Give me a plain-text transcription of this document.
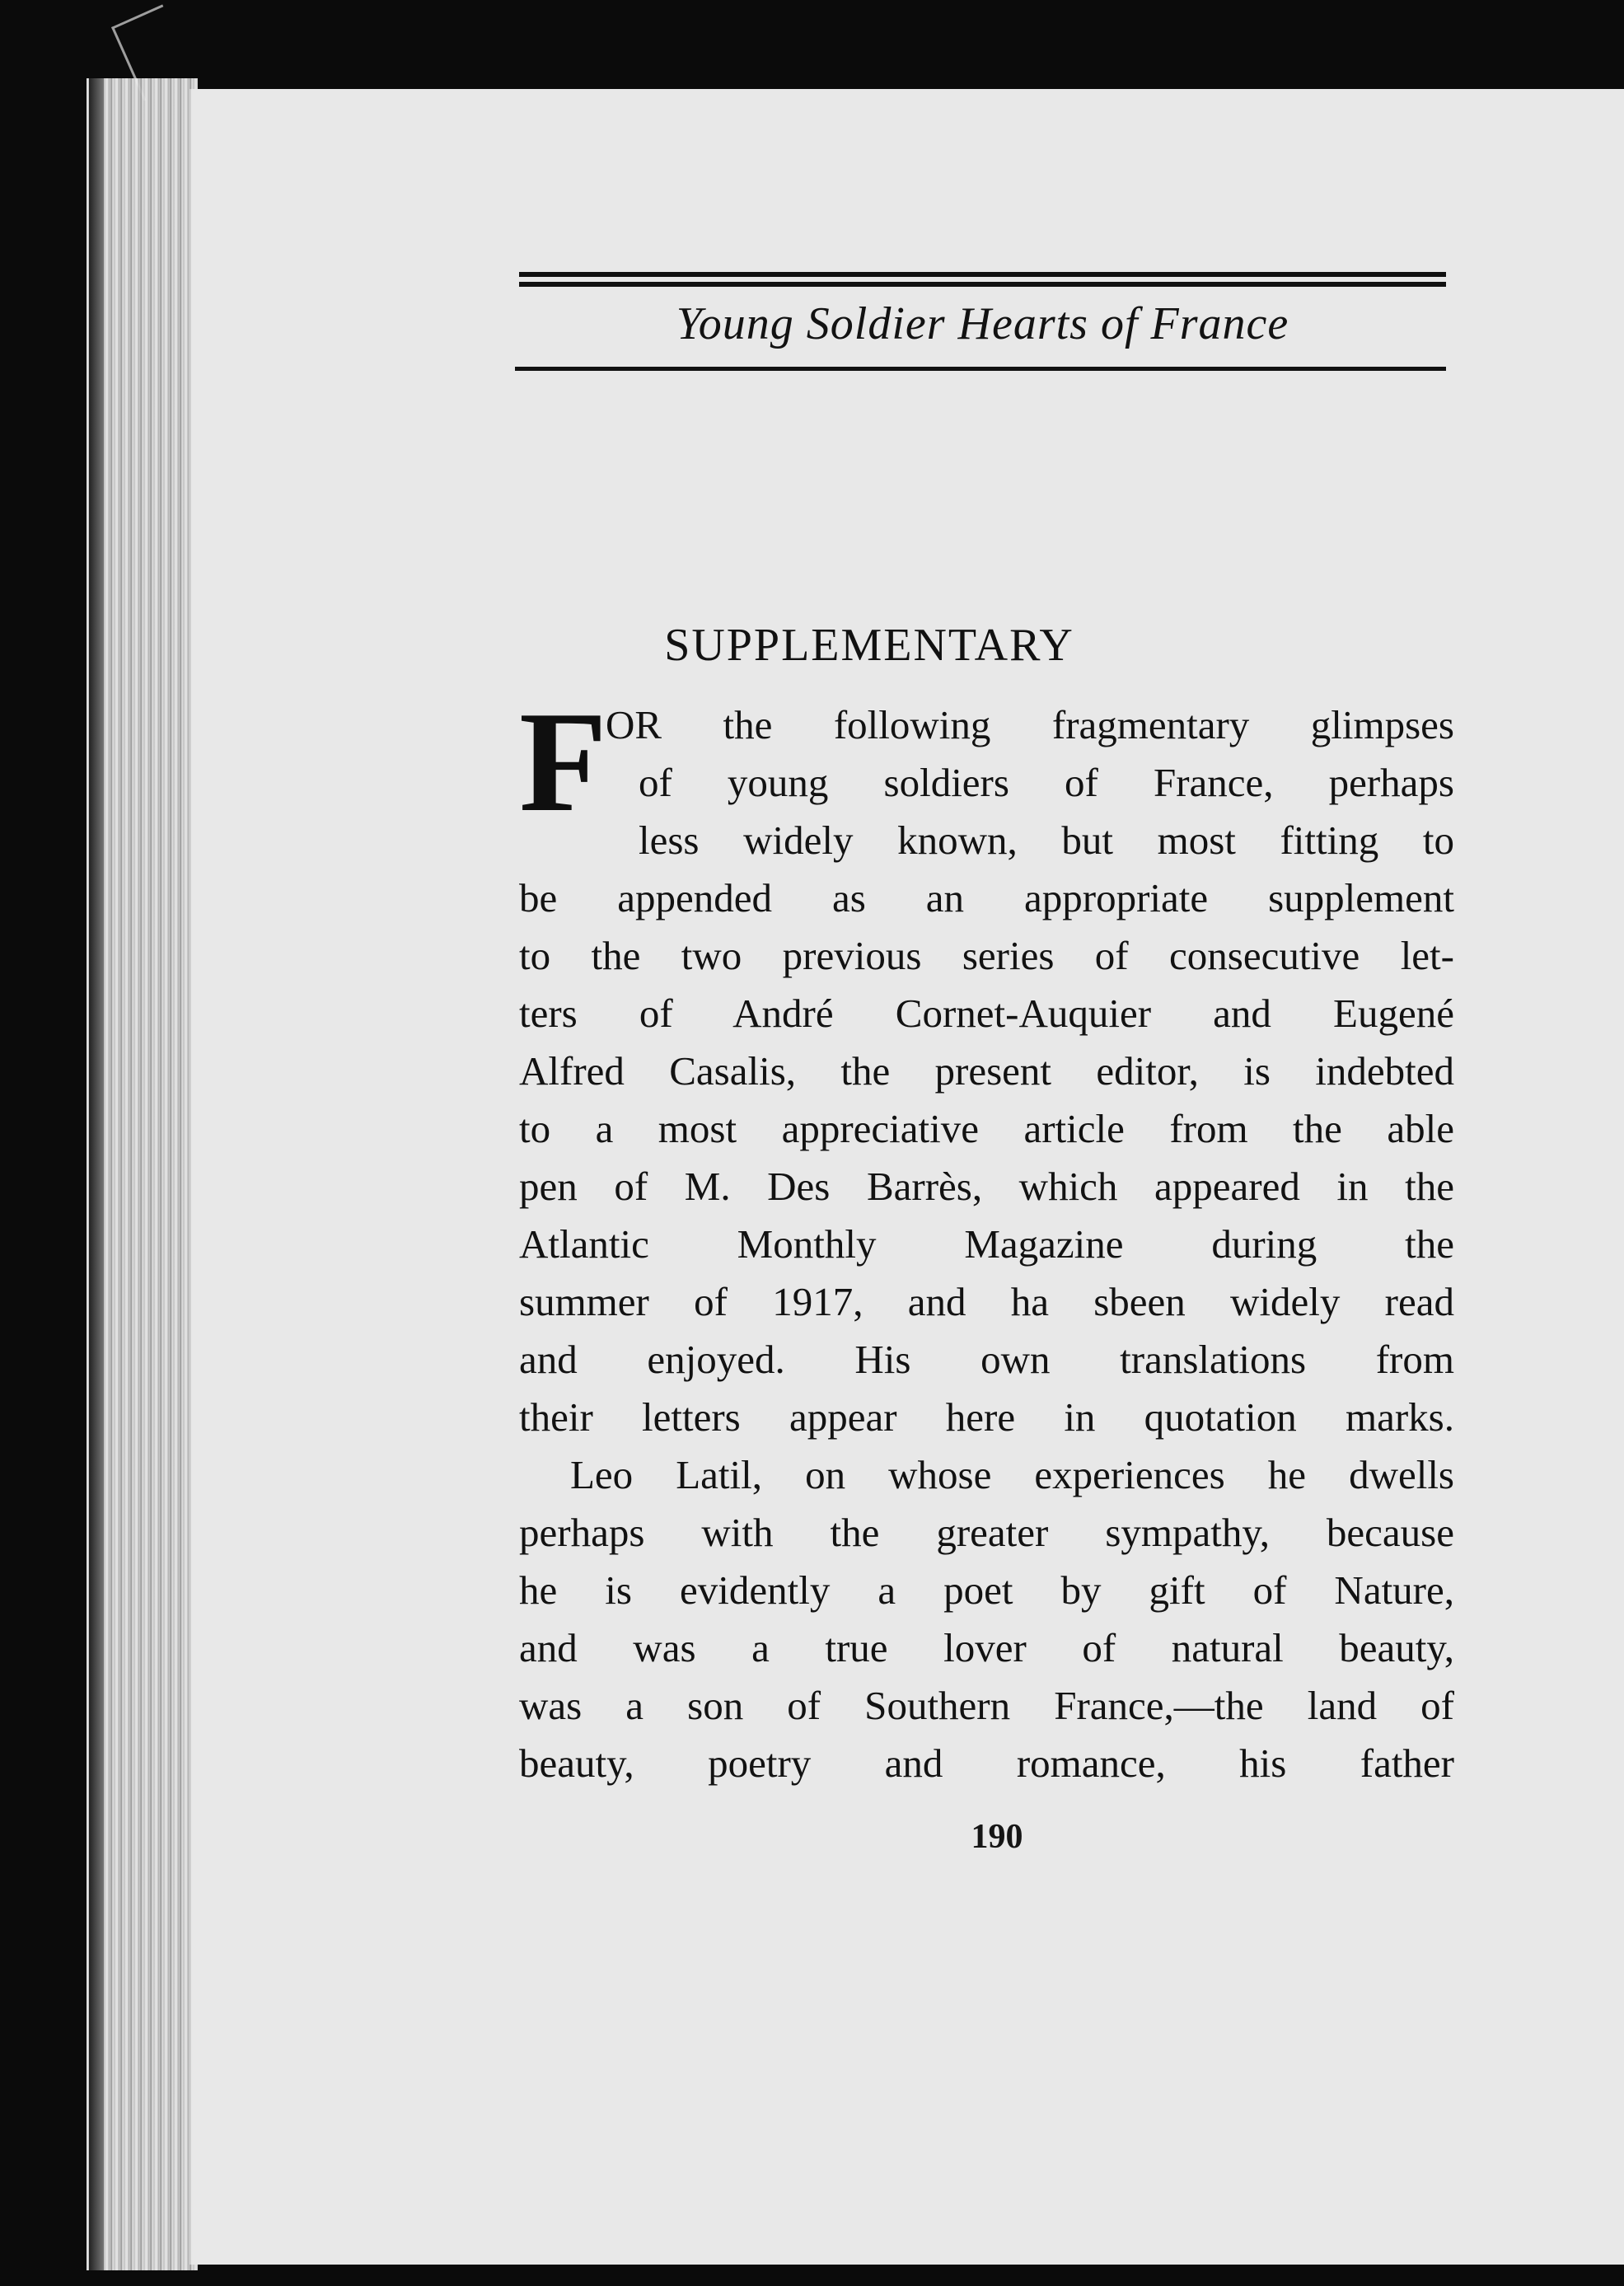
Young Soldier Hearts of France
SUPPLEMENTARY
F
OR the following fragmentary glimpses
of young soldiers of France, perhaps
less widely known, but most fitting to
be appended as an appropriate supplement
to the two previous series of consecutive let-
ters of André Cornet-Auquier and Eugené
Alfred Casalis, the present editor, is indebted
to a most appreciative article from the able
pen of M. Des Barrès, which appeared in the
Atlantic Monthly Magazine during the
summer of 1917, and ha sbeen widely read
and enjoyed. His own translations from
their letters appear here in quotation marks.
Leo Latil, on whose experiences he dwells
perhaps with the greater sympathy, because
he is evidently a poet by gift of Nature,
and was a true lover of natural beauty,
was a son of Southern France,—the land of
beauty, poetry and romance, his father
190
